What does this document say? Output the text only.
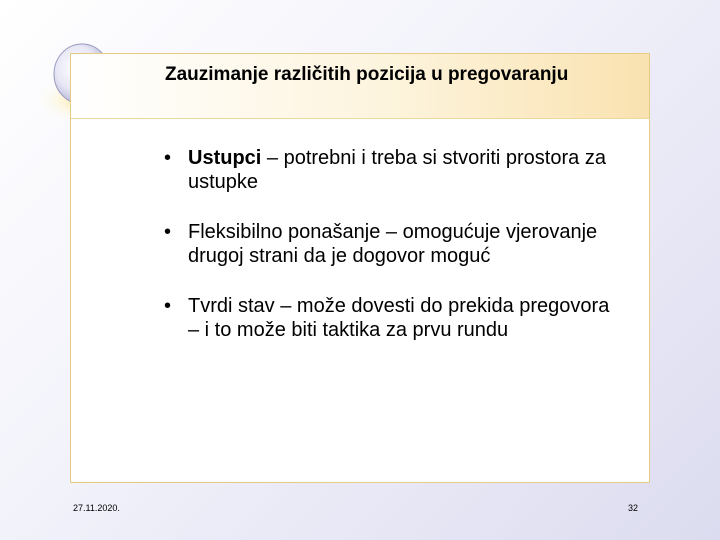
Zauzimanje različitih pozicija u pregovaranju
• Ustupci – potrebni i treba si stvoriti prostora za ustupke
• Fleksibilno ponašanje – omogućuje vjerovanje drugoj strani da je dogovor moguć
• Tvrdi stav – može dovesti do prekida pregovora – i to može biti taktika za prvu rundu
27.11.2020.	32
